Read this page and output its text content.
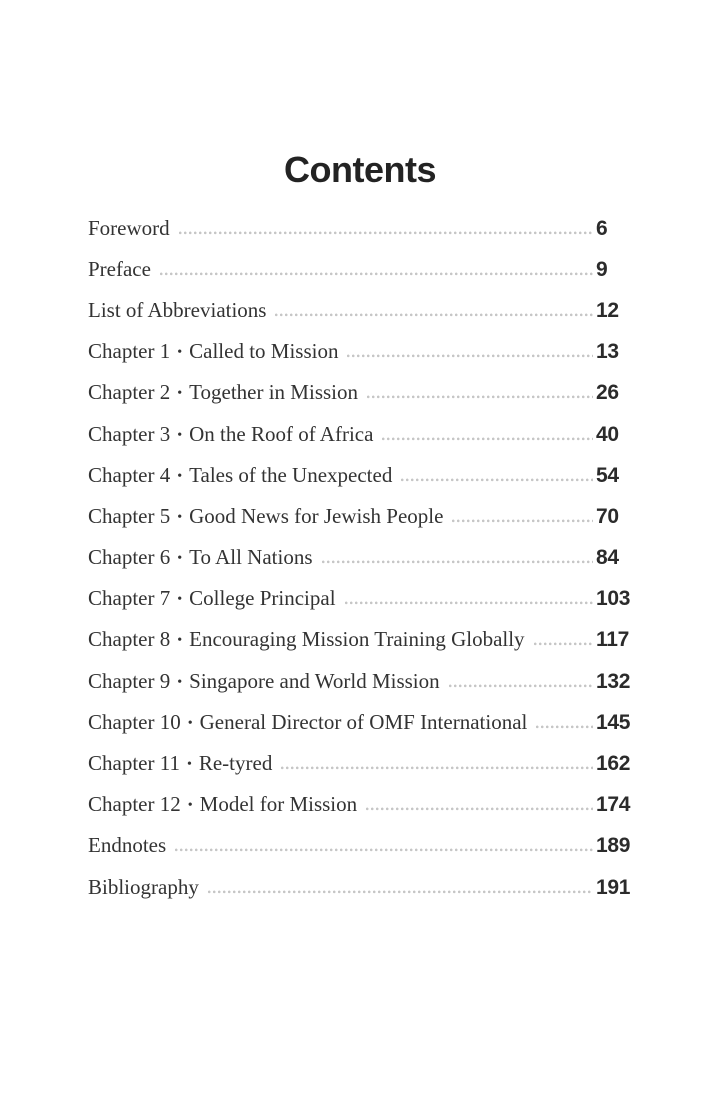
Contents
Foreword	6
Preface	9
List of Abbreviations	12
Chapter 1 • Called to Mission	13
Chapter 2 • Together in Mission	26
Chapter 3 • On the Roof of Africa	40
Chapter 4 • Tales of the Unexpected	54
Chapter 5 • Good News for Jewish People	70
Chapter 6 • To All Nations	84
Chapter 7 • College Principal	103
Chapter 8 • Encouraging Mission Training Globally	117
Chapter 9 • Singapore and World Mission	132
Chapter 10 • General Director of OMF International	145
Chapter 11 • Re-tyred	162
Chapter 12 • Model for Mission	174
Endnotes	189
Bibliography	191
